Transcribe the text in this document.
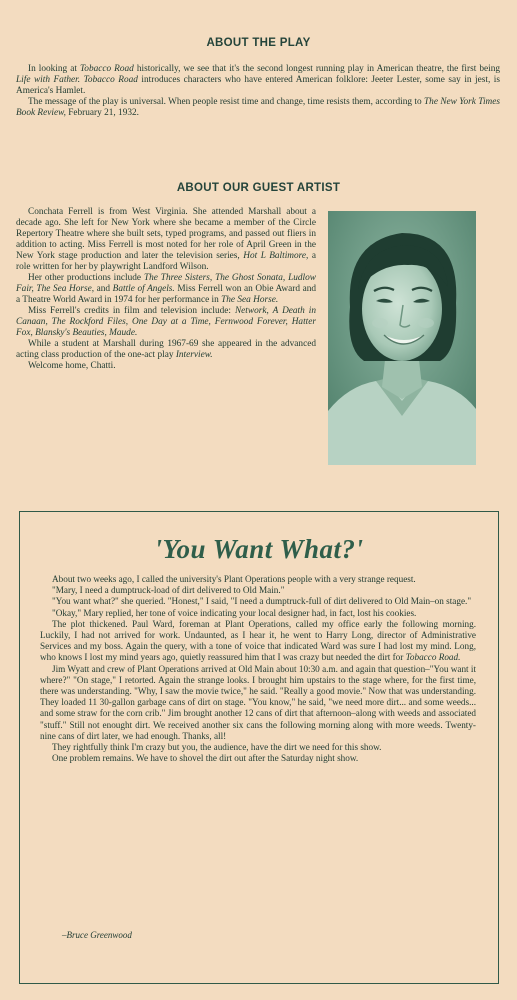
ABOUT THE PLAY

In looking at Tobacco Road historically, we see that it's the second longest running play in American theatre, the first being Life with Father. Tobacco Road introduces characters who have entered American folklore: Jeeter Lester, some say in jest, is America's Hamlet.

The message of the play is universal. When people resist time and change, time resists them, according to The New York Times Book Review, February 21, 1932.

ABOUT OUR GUEST ARTIST

Conchata Ferrell is from West Virginia. She attended Marshall about a decade ago. She left for New York where she became a member of the Circle Repertory Theatre where she built sets, typed programs, and passed out fliers in addition to acting. Miss Ferrell is most noted for her role of April Green in the New York stage production and later the television series, Hot L Baltimore, a role written for her by playwright Landford Wilson.

Her other productions include The Three Sisters, The Ghost Sonata, Ludlow Fair, The Sea Horse, and Battle of Angels. Miss Ferrell won an Obie Award and a Theatre World Award in 1974 for her performance in The Sea Horse.

Miss Ferrell's credits in film and television include: Network, A Death in Canaan, The Rockford Files, One Day at a Time, Fernwood Forever, Hatter Fox, Blansky's Beauties, Maude.

While a student at Marshall during 1967-69 she appeared in the advanced acting class production of the one-act play Interview.

Welcome home, Chatti.

'You Want What?'

About two weeks ago, I called the university's Plant Operations people with a very strange request.

"Mary, I need a dumptruck-load of dirt delivered to Old Main."

"You want what?" she queried. "Honest," I said, "I need a dumptruck-full of dirt delivered to Old Main–on stage."

"Okay," Mary replied, her tone of voice indicating your local designer had, in fact, lost his cookies.

The plot thickened. Paul Ward, foreman at Plant Operations, called my office early the following morning. Luckily, I had not arrived for work. Undaunted, as I hear it, he went to Harry Long, director of Administrative Services and my boss. Again the query, with a tone of voice that indicated Ward was sure I had lost my mind. Long, who knows I lost my mind years ago, quietly reassured him that I was crazy but needed the dirt for Tobacco Road.

Jim Wyatt and crew of Plant Operations arrived at Old Main about 10:30 a.m. and again that question–"You want it where?" "On stage," I retorted. Again the strange looks. I brought him upstairs to the stage where, for the first time, there was understanding. "Why, I saw the movie twice," he said. "Really a good movie." Now that was understanding. They loaded 11 30-gallon garbage cans of dirt on stage. "You know," he said, "we need more dirt... and some weeds... and some straw for the corn crib." Jim brought another 12 cans of dirt that afternoon–along with weeds and associated "stuff." Still not enought dirt. We received another six cans the following morning along with more weeds. Twenty-nine cans of dirt later, we had enough. Thanks, all!

They rightfully think I'm crazy but you, the audience, have the dirt we need for this show.

One problem remains. We have to shovel the dirt out after the Saturday night show.

–Bruce Greenwood
